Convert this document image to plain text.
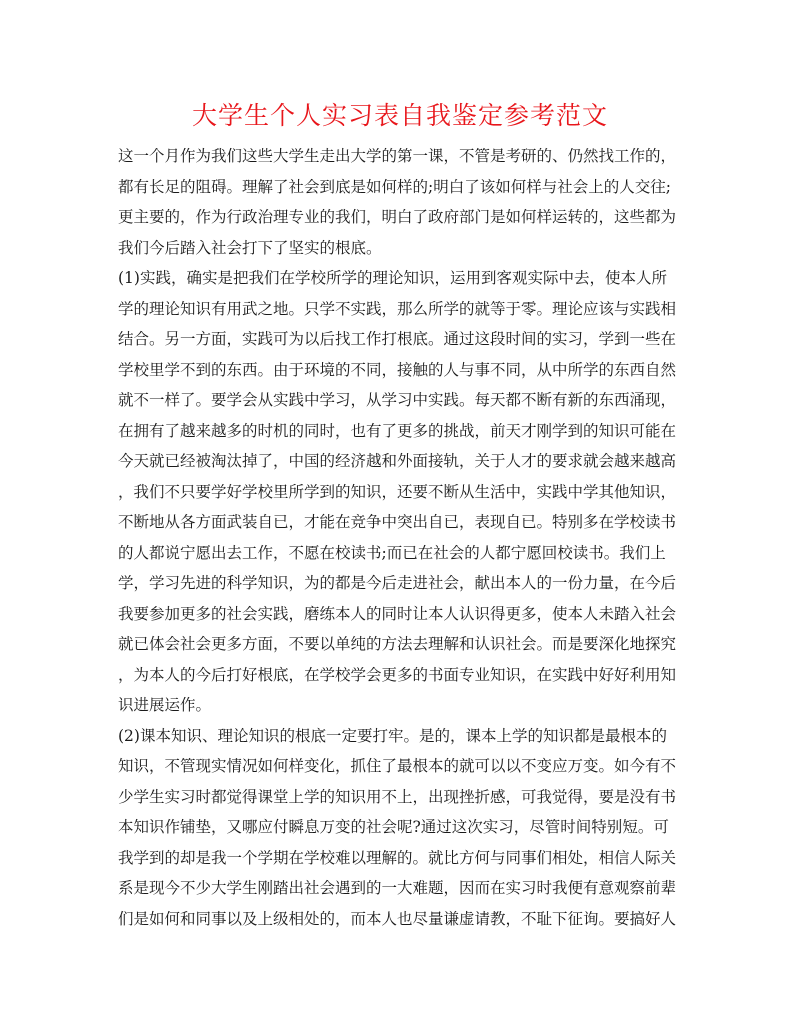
大学生个人实习表自我鉴定参考范文
这一个月作为我们这些大学生走出大学的第一课，不管是考研的、仍然找工作的，
都有长足的阻碍。理解了社会到底是如何样的;明白了该如何样与社会上的人交往;
更主要的，作为行政治理专业的我们，明白了政府部门是如何样运转的，这些都为
我们今后踏入社会打下了坚实的根底。
(1)实践，确实是把我们在学校所学的理论知识，运用到客观实际中去，使本人所
学的理论知识有用武之地。只学不实践，那么所学的就等于零。理论应该与实践相
结合。另一方面，实践可为以后找工作打根底。通过这段时间的实习，学到一些在
学校里学不到的东西。由于环境的不同，接触的人与事不同，从中所学的东西自然
就不一样了。要学会从实践中学习，从学习中实践。每天都不断有新的东西涌现，
在拥有了越来越多的时机的同时，也有了更多的挑战，前天才刚学到的知识可能在
今天就已经被淘汰掉了，中国的经济越和外面接轨，关于人才的要求就会越来越高
，我们不只要学好学校里所学到的知识，还要不断从生活中，实践中学其他知识，
不断地从各方面武装自已，才能在竞争中突出自已，表现自已。特别多在学校读书
的人都说宁愿出去工作，不愿在校读书;而已在社会的人都宁愿回校读书。我们上
学，学习先进的科学知识，为的都是今后走进社会，献出本人的一份力量，在今后
我要参加更多的社会实践，磨练本人的同时让本人认识得更多，使本人未踏入社会
就已体会社会更多方面，不要以单纯的方法去理解和认识社会。而是要深化地探究
，为本人的今后打好根底，在学校学会更多的书面专业知识，在实践中好好利用知
识进展运作。
(2)课本知识、理论知识的根底一定要打牢。是的，课本上学的知识都是最根本的
知识，不管现实情况如何样变化，抓住了最根本的就可以以不变应万变。如今有不
少学生实习时都觉得课堂上学的知识用不上，出现挫折感，可我觉得，要是没有书
本知识作铺垫，又哪应付瞬息万变的社会呢?通过这次实习，尽管时间特别短。可
我学到的却是我一个学期在学校难以理解的。就比方何与同事们相处，相信人际关
系是现今不少大学生刚踏出社会遇到的一大难题，因而在实习时我便有意观察前辈
们是如何和同事以及上级相处的，而本人也尽量谦虚请教，不耻下征询。要搞好人
